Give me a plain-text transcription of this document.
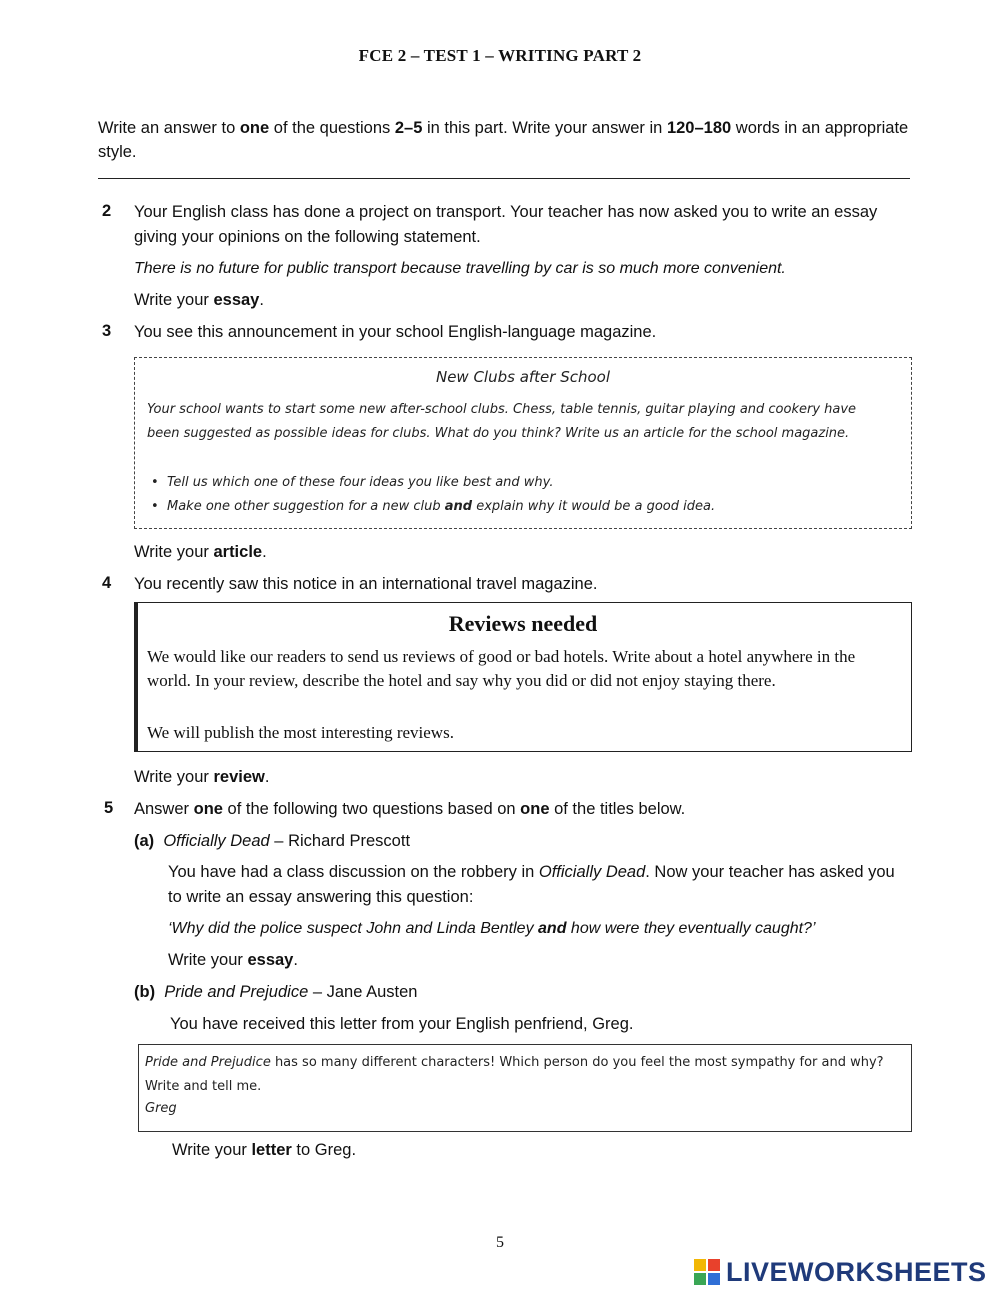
FCE 2 – TEST 1 – WRITING PART 2
Write an answer to one of the questions 2–5 in this part. Write your answer in 120–180 words in an appropriate style.
2 Your English class has done a project on transport. Your teacher has now asked you to write an essay giving your opinions on the following statement.
There is no future for public transport because travelling by car is so much more convenient.
Write your essay.
3 You see this announcement in your school English-language magazine.
New Clubs after School
Your school wants to start some new after-school clubs. Chess, table tennis, guitar playing and cookery have been suggested as possible ideas for clubs. What do you think? Write us an article for the school magazine.
• Tell us which one of these four ideas you like best and why.
• Make one other suggestion for a new club and explain why it would be a good idea.
Write your article.
4 You recently saw this notice in an international travel magazine.
Reviews needed
We would like our readers to send us reviews of good or bad hotels. Write about a hotel anywhere in the world. In your review, describe the hotel and say why you did or did not enjoy staying there.
We will publish the most interesting reviews.
Write your review.
5 Answer one of the following two questions based on one of the titles below.
(a) Officially Dead – Richard Prescott
You have had a class discussion on the robbery in Officially Dead. Now your teacher has asked you to write an essay answering this question:
‘Why did the police suspect John and Linda Bentley and how were they eventually caught?’
Write your essay.
(b) Pride and Prejudice – Jane Austen
You have received this letter from your English penfriend, Greg.
Pride and Prejudice has so many different characters! Which person do you feel the most sympathy for and why? Write and tell me.
Greg
Write your letter to Greg.
5
LIVEWORKSHEETS
